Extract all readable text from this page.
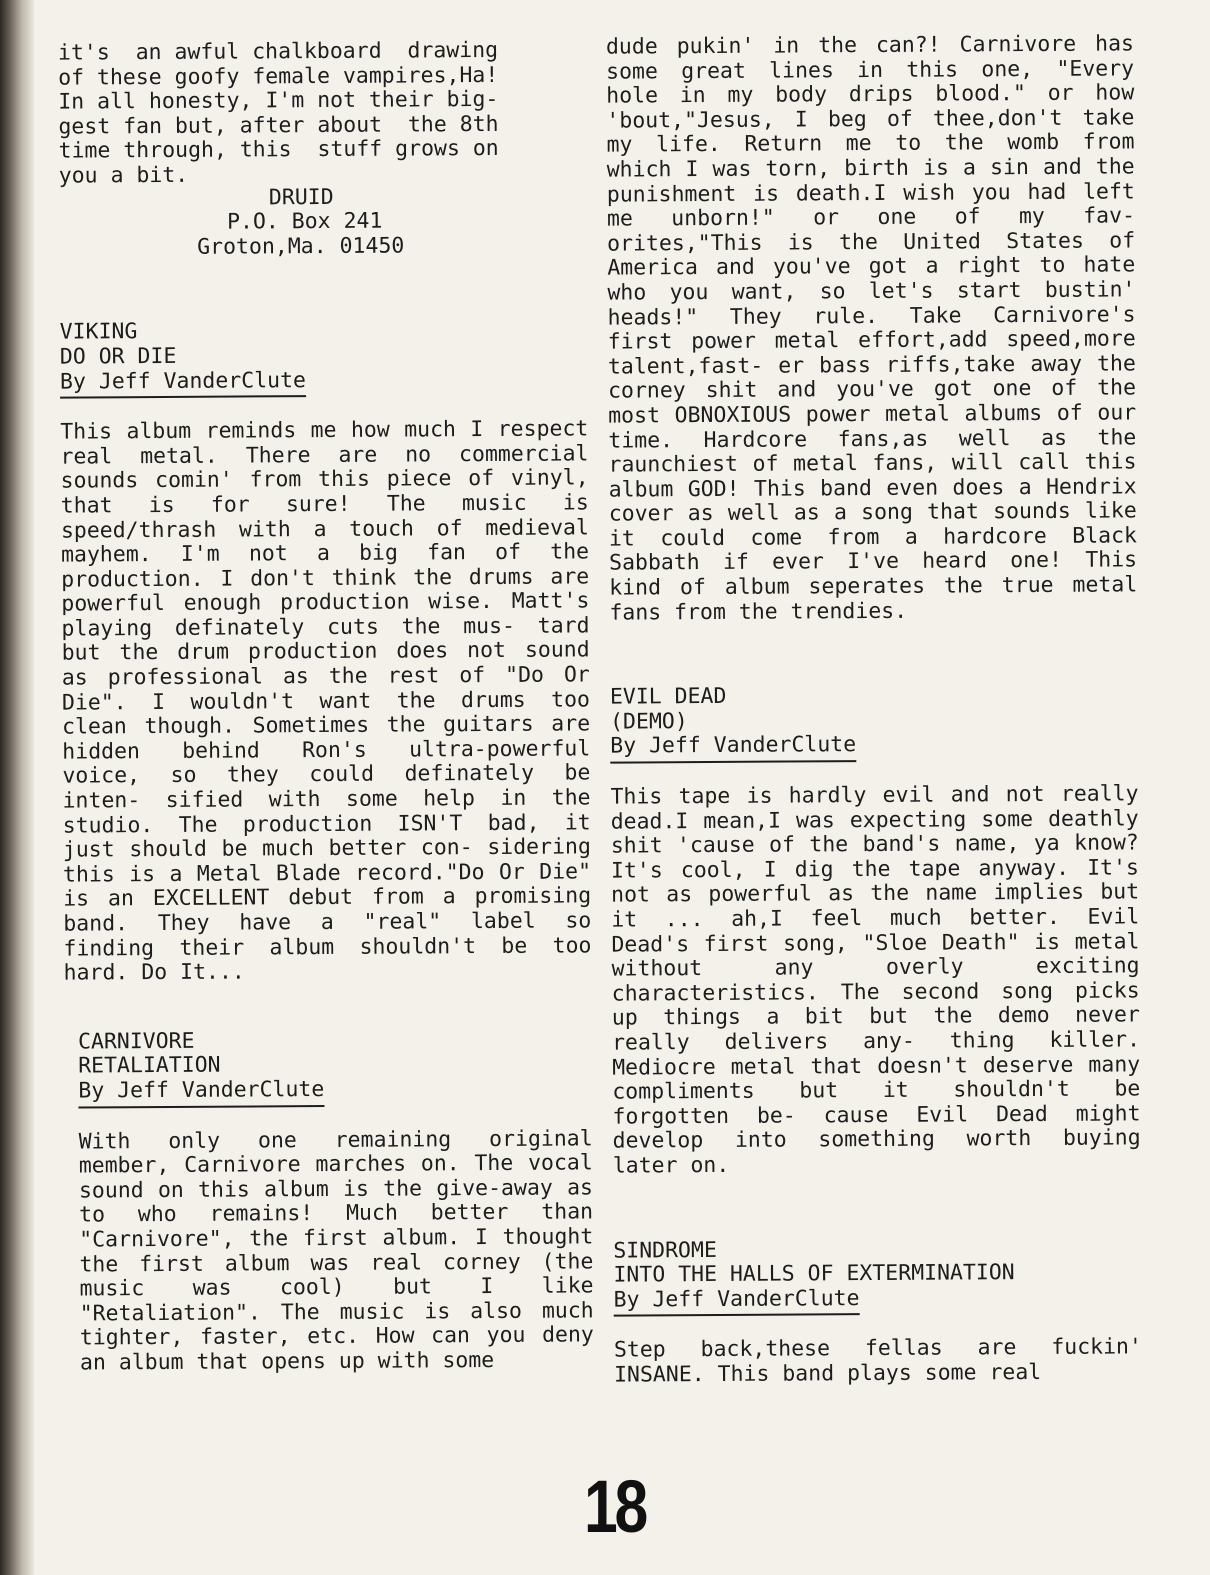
it's  an awful chalkboard  drawing
of these goofy female vampires,Ha!
In all honesty, I'm not their big-
gest fan but, after about  the 8th
time through, this  stuff grows on
you a bit.
DRUID
P.O. Box 241
Groton,Ma. 01450
VIKING
DO OR DIE
By Jeff VanderClute
This album reminds me how much I respect real metal. There are no commercial sounds comin' from this piece of vinyl, that is for sure! The music is speed/thrash with a touch of medieval mayhem. I'm not a big fan of the production. I don't think the drums are powerful enough production wise. Matt's playing definately cuts the mus- tard but the drum production does not sound as professional as the rest of "Do Or Die". I wouldn't want the drums too clean though. Sometimes the guitars are hidden behind Ron's ultra-powerful voice, so they could definately be inten- sified with some help in the studio. The production ISN'T bad, it just should be much better con- sidering this is a Metal Blade record."Do Or Die" is an EXCELLENT debut from a promising band. They have a "real" label so finding their album shouldn't be too hard. Do It...
CARNIVORE
RETALIATION
By Jeff VanderClute
With only one remaining original member, Carnivore marches on. The vocal sound on this album is the give-away as to who remains! Much better than "Carnivore", the first album. I thought the first album was real corney (the music was cool) but I like "Retaliation". The music is also much tighter, faster, etc. How can you deny an album that opens up with some
dude pukin' in the can?! Carnivore has some great lines in this one, "Every hole in my body drips blood." or how 'bout,"Jesus, I beg of thee,don't take my life. Return me to the womb from which I was torn, birth is a sin and the punishment is death.I wish you had left me unborn!" or one of my fav- orites,"This is the United States of America and you've got a right to hate who you want, so let's start bustin' heads!" They rule. Take Carnivore's first power metal effort,add speed,more talent,fast- er bass riffs,take away the corney shit and you've got one of the most OBNOXIOUS power metal albums of our time. Hardcore fans,as well as the raunchiest of metal fans, will call this album GOD! This band even does a Hendrix cover as well as a song that sounds like it could come from a hardcore Black Sabbath if ever I've heard one! This kind of album seperates the true metal fans from the trendies.
EVIL DEAD
(DEMO)
By Jeff VanderClute
This tape is hardly evil and not really dead.I mean,I was expecting some deathly shit 'cause of the band's name, ya know? It's cool, I dig the tape anyway. It's not as powerful as the name implies but it ... ah,I feel much better. Evil Dead's first song, "Sloe Death" is metal without any overly exciting characteristics. The second song picks up things a bit but the demo never really delivers any- thing killer. Mediocre metal that doesn't deserve many compliments but it shouldn't be forgotten be- cause Evil Dead might develop into something worth buying later on.
SINDROME
INTO THE HALLS OF EXTERMINATION
By Jeff VanderClute
Step back,these fellas are fuckin' INSANE. This band plays some real
18
